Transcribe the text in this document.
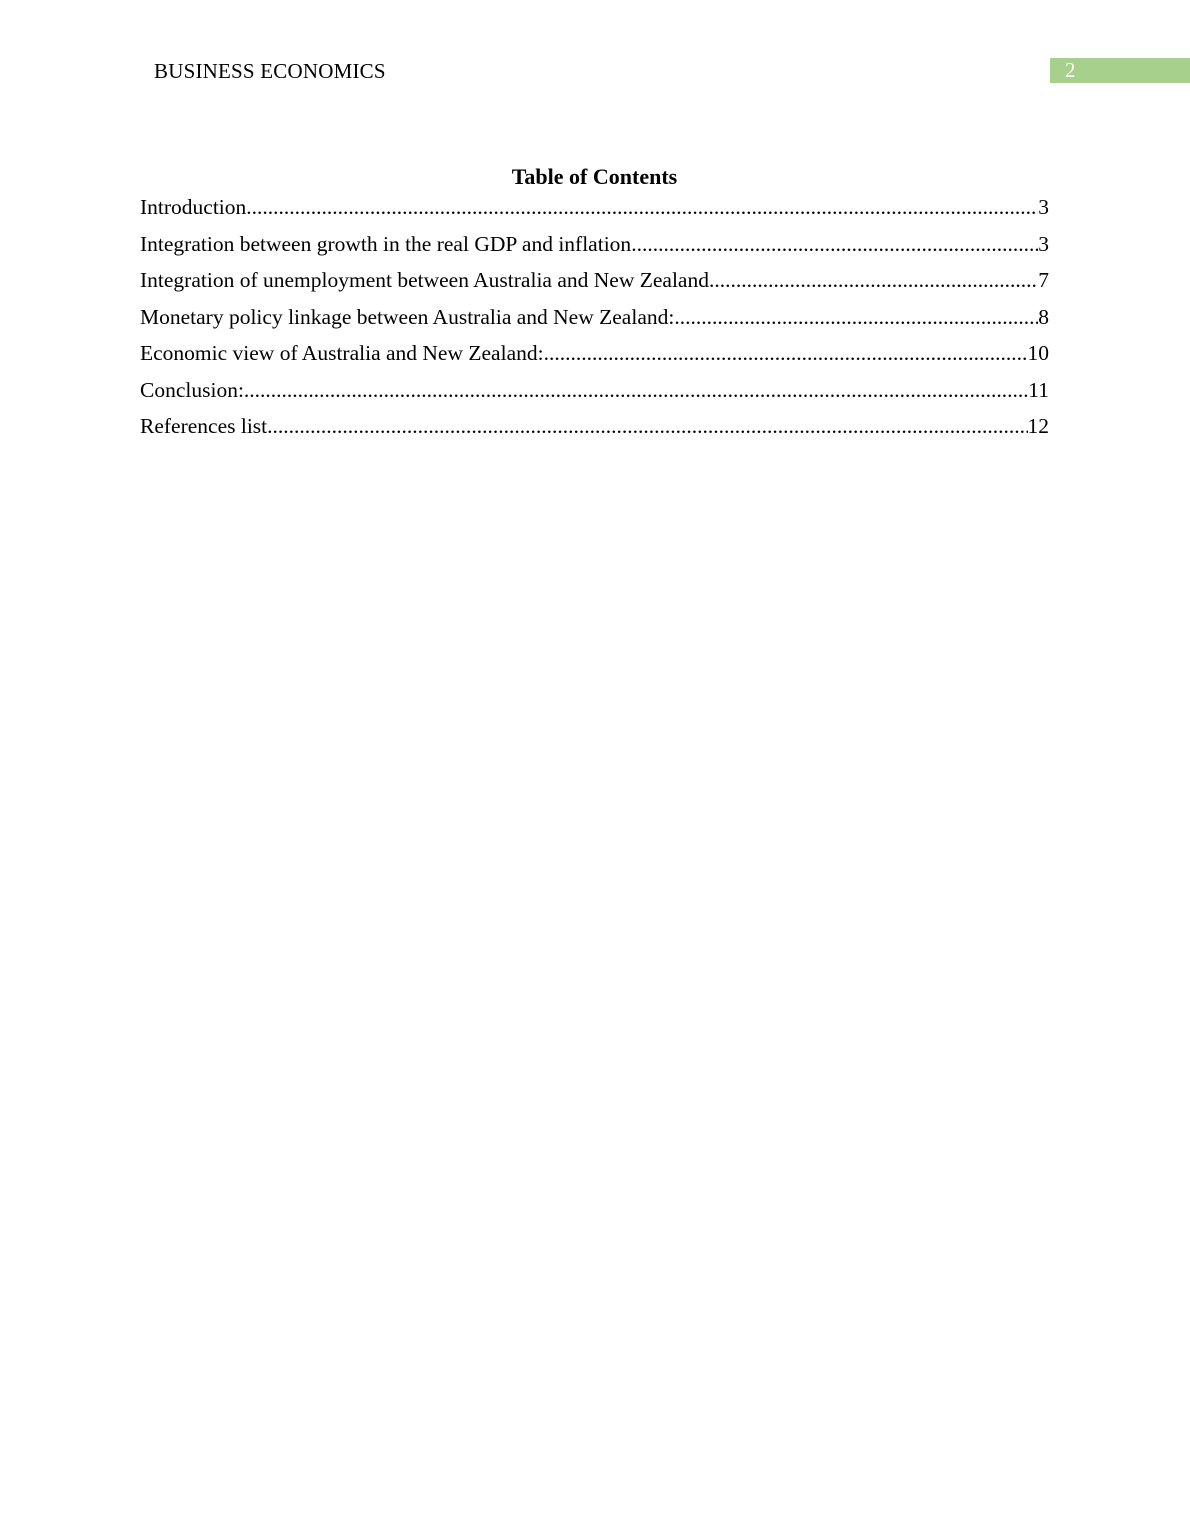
BUSINESS ECONOMICS	2
Table of Contents
Introduction .....	3
Integration between growth in the real GDP and inflation .....	3
Integration of unemployment between Australia and New Zealand .....	7
Monetary policy linkage between Australia and New Zealand: .....	8
Economic view of Australia and New Zealand: .....	10
Conclusion: .....	11
References list .....	12
